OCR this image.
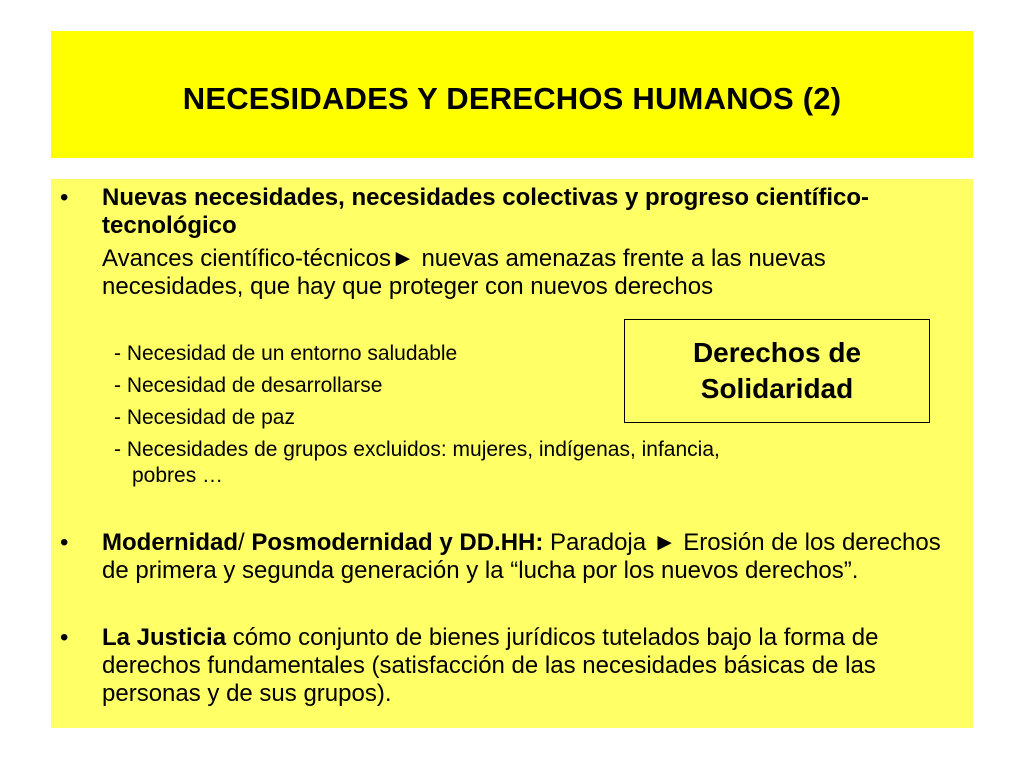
NECESIDADES Y DERECHOS HUMANOS (2)
• Nuevas necesidades, necesidades colectivas y progreso científico-tecnológico
Avances científico-técnicos► nuevas amenazas frente a las nuevas necesidades, que hay que proteger con nuevos derechos
- Necesidad de un entorno saludable
- Necesidad de desarrollarse
- Necesidad de paz
- Necesidades de grupos excluidos: mujeres, indígenas, infancia,
pobres …
• Modernidad/ Posmodernidad y DD.HH: Paradoja ► Erosión de los derechos de primera y segunda generación y la “lucha por los nuevos derechos”.
• La Justicia cómo conjunto de bienes jurídicos tutelados bajo la forma de derechos fundamentales (satisfacción de las necesidades básicas de las personas y de sus grupos).
Derechos de
Solidaridad
